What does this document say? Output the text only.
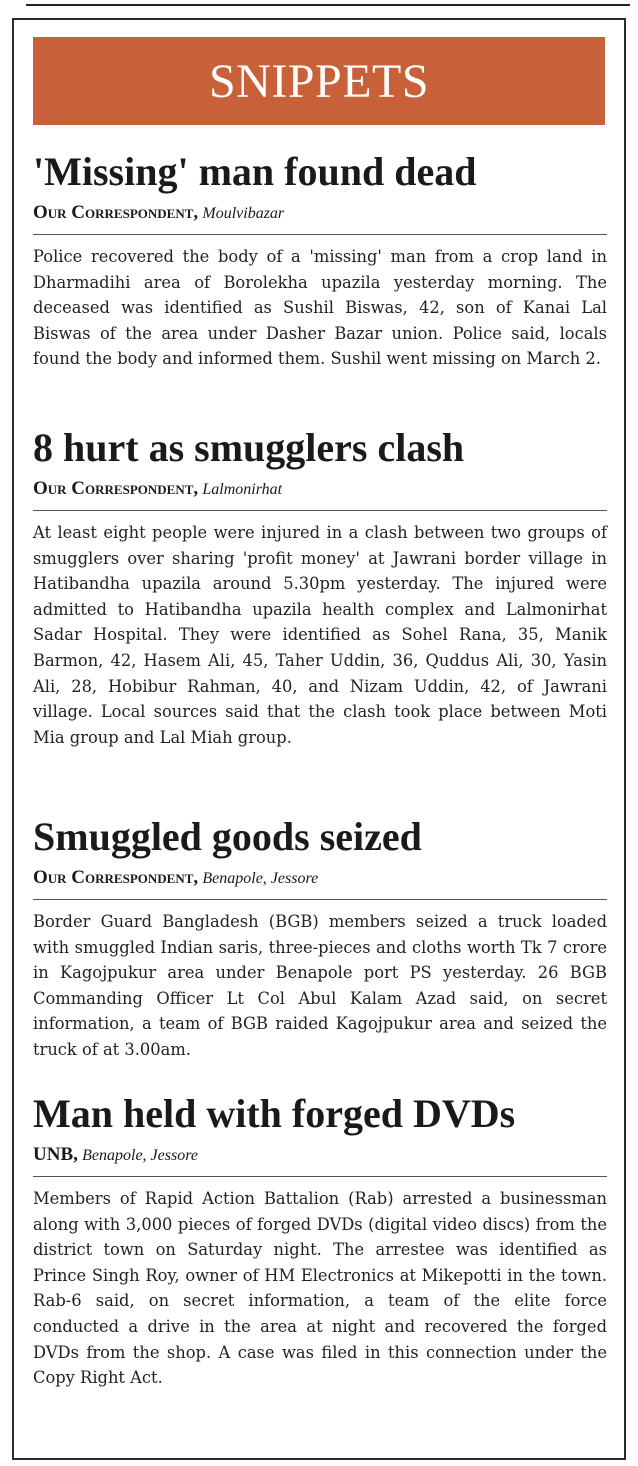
SNIPPETS
'Missing' man found dead
Our Correspondent, Moulvibazar

Police recovered the body of a 'missing' man from a crop land in Dharmadihi area of Borolekha upazila yesterday morning. The deceased was identified as Sushil Biswas, 42, son of Kanai Lal Biswas of the area under Dasher Bazar union. Police said, locals found the body and informed them. Sushil went missing on March 2.

8 hurt as smugglers clash
Our Correspondent, Lalmonirhat

At least eight people were injured in a clash between two groups of smugglers over sharing 'profit money' at Jawrani border village in Hatibandha upazila around 5.30pm yesterday. The injured were admitted to Hatibandha upazila health complex and Lalmonirhat Sadar Hospital. They were identified as Sohel Rana, 35, Manik Barmon, 42, Hasem Ali, 45, Taher Uddin, 36, Quddus Ali, 30, Yasin Ali, 28, Hobibur Rahman, 40, and Nizam Uddin, 42, of Jawrani village. Local sources said that the clash took place between Moti Mia group and Lal Miah group.

Smuggled goods seized
Our Correspondent, Benapole, Jessore

Border Guard Bangladesh (BGB) members seized a truck loaded with smuggled Indian saris, three-pieces and cloths worth Tk 7 crore in Kagojpukur area under Benapole port PS yesterday. 26 BGB Commanding Officer Lt Col Abul Kalam Azad said, on secret information, a team of BGB raided Kagojpukur area and seized the truck of at 3.00am.

Man held with forged DVDs
UNB, Benapole, Jessore

Members of Rapid Action Battalion (Rab) arrested a businessman along with 3,000 pieces of forged DVDs (digital video discs) from the district town on Saturday night. The arrestee was identified as Prince Singh Roy, owner of HM Electronics at Mikepotti in the town. Rab-6 said, on secret information, a team of the elite force conducted a drive in the area at night and recovered the forged DVDs from the shop. A case was filed in this connection under the Copy Right Act.
